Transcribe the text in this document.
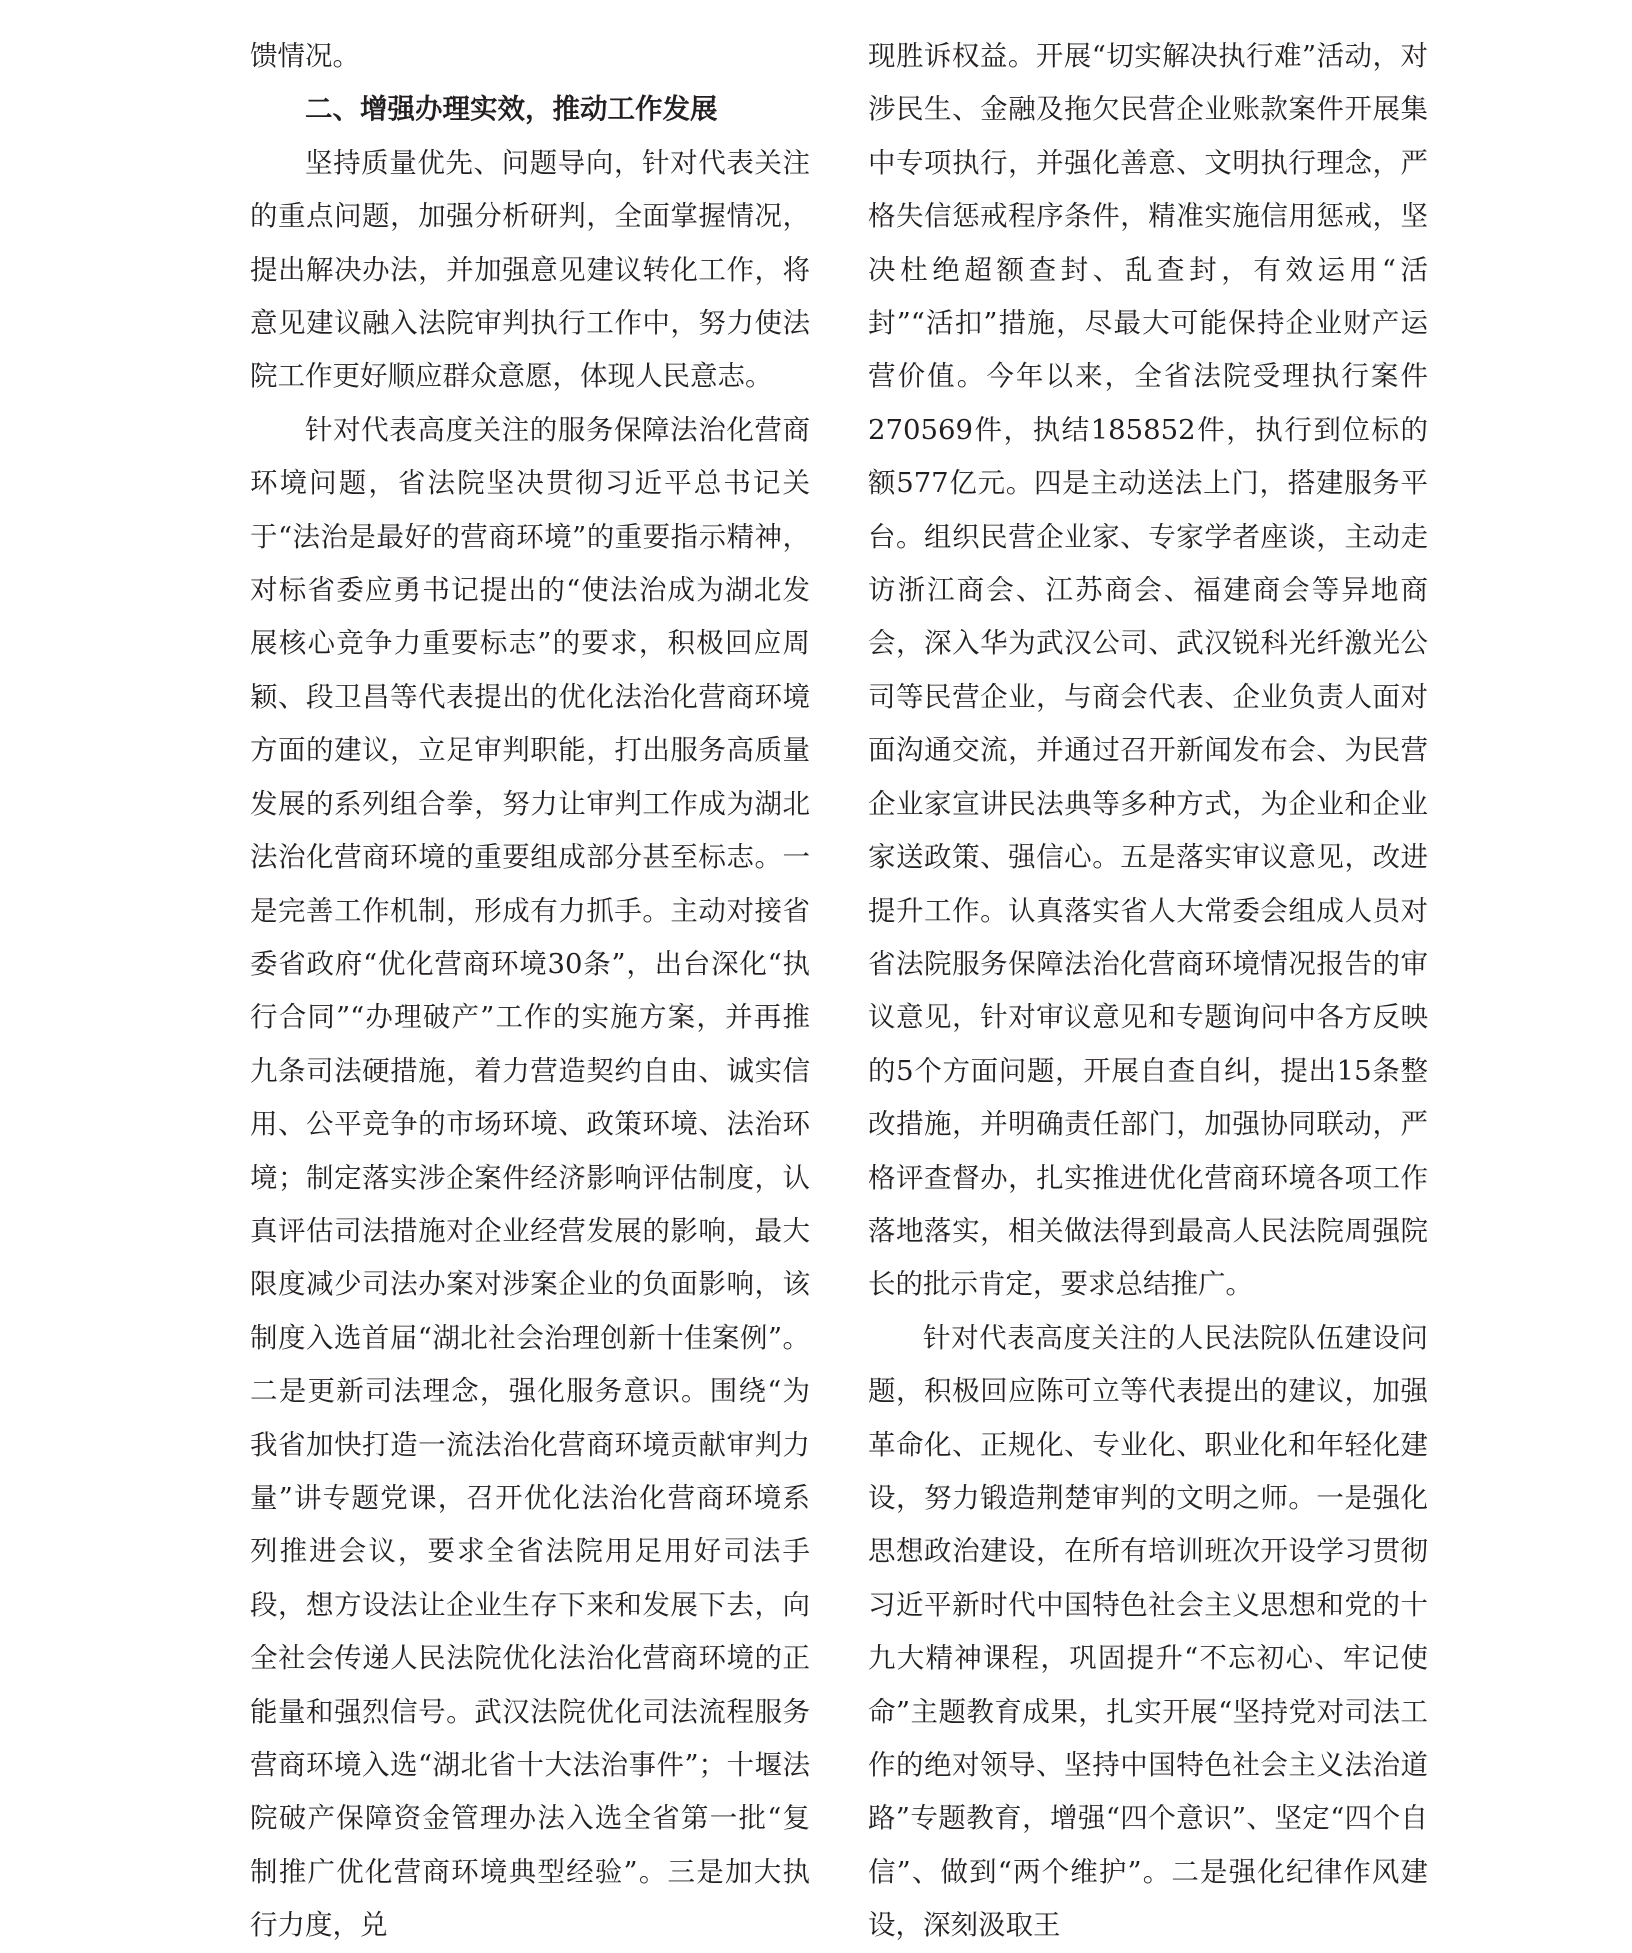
馈情况。

二、增强办理实效，推动工作发展

坚持质量优先、问题导向，针对代表关注的重点问题，加强分析研判，全面掌握情况，提出解决办法，并加强意见建议转化工作，将意见建议融入法院审判执行工作中，努力使法院工作更好顺应群众意愿，体现人民意志。

针对代表高度关注的服务保障法治化营商环境问题，省法院坚决贯彻习近平总书记关于“法治是最好的营商环境”的重要指示精神，对标省委应勇书记提出的“使法治成为湖北发展核心竞争力重要标志”的要求，积极回应周颖、段卫昌等代表提出的优化法治化营商环境方面的建议，立足审判职能，打出服务高质量发展的系列组合拳，努力让审判工作成为湖北法治化营商环境的重要组成部分甚至标志。一是完善工作机制，形成有力抓手。主动对接省委省政府“优化营商环境30条”，出台深化“执行合同”“办理破产”工作的实施方案，并再推九条司法硬措施，着力营造契约自由、诚实信用、公平竞争的市场环境、政策环境、法治环境；制定落实涉企案件经济影响评估制度，认真评估司法措施对企业经营发展的影响，最大限度减少司法办案对涉案企业的负面影响，该制度入选首届“湖北社会治理创新十佳案例”。二是更新司法理念，强化服务意识。围绕“为我省加快打造一流法治化营商环境贡献审判力量”讲专题党课，召开优化法治化营商环境系列推进会议，要求全省法院用足用好司法手段，想方设法让企业生存下来和发展下去，向全社会传递人民法院优化法治化营商环境的正能量和强烈信号。武汉法院优化司法流程服务营商环境入选“湖北省十大法治事件”；十堰法院破产保障资金管理办法入选全省第一批“复制推广优化营商环境典型经验”。三是加大执行力度，兑

现胜诉权益。开展“切实解决执行难”活动，对涉民生、金融及拖欠民营企业账款案件开展集中专项执行，并强化善意、文明执行理念，严格失信惩戒程序条件，精准实施信用惩戒，坚决杜绝超额查封、乱查封，有效运用“活封”“活扣”措施，尽最大可能保持企业财产运营价值。今年以来，全省法院受理执行案件270569件，执结185852件，执行到位标的额577亿元。四是主动送法上门，搭建服务平台。组织民营企业家、专家学者座谈，主动走访浙江商会、江苏商会、福建商会等异地商会，深入华为武汉公司、武汉锐科光纤激光公司等民营企业，与商会代表、企业负责人面对面沟通交流，并通过召开新闻发布会、为民营企业家宣讲民法典等多种方式，为企业和企业家送政策、强信心。五是落实审议意见，改进提升工作。认真落实省人大常委会组成人员对省法院服务保障法治化营商环境情况报告的审议意见，针对审议意见和专题询问中各方反映的5个方面问题，开展自查自纠，提出15条整改措施，并明确责任部门，加强协同联动，严格评查督办，扎实推进优化营商环境各项工作落地落实，相关做法得到最高人民法院周强院长的批示肯定，要求总结推广。

针对代表高度关注的人民法院队伍建设问题，积极回应陈可立等代表提出的建议，加强革命化、正规化、专业化、职业化和年轻化建设，努力锻造荆楚审判的文明之师。一是强化思想政治建设，在所有培训班次开设学习贯彻习近平新时代中国特色社会主义思想和党的十九大精神课程，巩固提升“不忘初心、牢记使命”主题教育成果，扎实开展“坚持党对司法工作的绝对领导、坚持中国特色社会主义法治道路”专题教育，增强“四个意识”、坚定“四个自信”、做到“两个维护”。二是强化纪律作风建设，深刻汲取王
